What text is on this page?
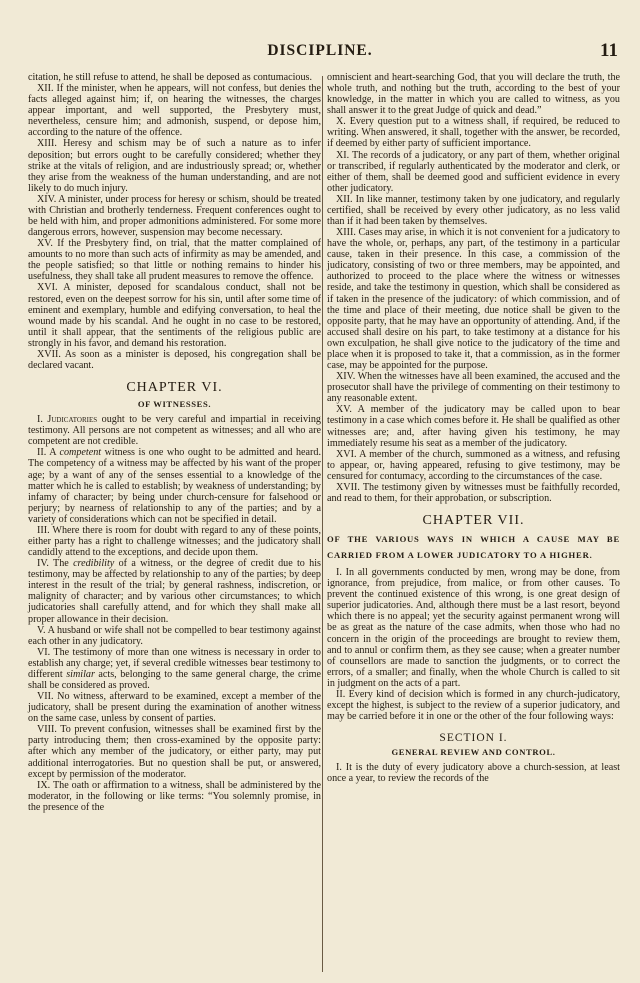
DISCIPLINE.	11

citation, he still refuse to attend, he shall be deposed as contumacious.

XII. If the minister, when he appears, will not confess, but denies the facts alleged against him; if, on hearing the witnesses, the charges appear important, and well supported, the Presbytery must, nevertheless, censure him; and admonish, suspend, or depose him, according to the nature of the offence.

XIII. Heresy and schism may be of such a nature as to infer deposition; but errors ought to be carefully considered; whether they strike at the vitals of religion, and are industriously spread; or, whether they arise from the weakness of the human understanding, and are not likely to do much injury.

XIV. A minister, under process for heresy or schism, should be treated with Christian and brotherly tenderness. Frequent conferences ought to be held with him, and proper admonitions administered. For some more dangerous errors, however, suspension may become necessary.

XV. If the Presbytery find, on trial, that the matter complained of amounts to no more than such acts of infirmity as may be amended, and the people satisfied; so that little or nothing remains to hinder his usefulness, they shall take all prudent measures to remove the offence.

XVI. A minister, deposed for scandalous conduct, shall not be restored, even on the deepest sorrow for his sin, until after some time of eminent and exemplary, humble and edifying conversation, to heal the wound made by his scandal. And he ought in no case to be restored, until it shall appear, that the sentiments of the religious public are strongly in his favor, and demand his restoration.

XVII. As soon as a minister is deposed, his congregation shall be declared vacant.

CHAPTER VI.
OF WITNESSES.

I. Judicatories ought to be very careful and impartial in receiving testimony. All persons are not competent as witnesses; and all who are competent are not credible.

II. A competent witness is one who ought to be admitted and heard. The competency of a witness may be affected by his want of the proper age; by a want of any of the senses essential to a knowledge of the matter which he is called to establish; by weakness of understanding; by infamy of character; by being under church-censure for falsehood or perjury; by nearness of relationship to any of the parties; and by a variety of considerations which can not be specified in detail.

III. Where there is room for doubt with regard to any of these points, either party has a right to challenge witnesses; and the judicatory shall candidly attend to the exceptions, and decide upon them.

IV. The credibility of a witness, or the degree of credit due to his testimony, may be affected by relationship to any of the parties; by deep interest in the result of the trial; by general rashness, indiscretion, or malignity of character; and by various other circumstances; to which judicatories shall carefully attend, and for which they shall make all proper allowance in their decision.

V. A husband or wife shall not be compelled to bear testimony against each other in any judicatory.

VI. The testimony of more than one witness is necessary in order to establish any charge; yet, if several credible witnesses bear testimony to different similar acts, belonging to the same general charge, the crime shall be considered as proved.

VII. No witness, afterward to be examined, except a member of the judicatory, shall be present during the examination of another witness on the same case, unless by consent of parties.

VIII. To prevent confusion, witnesses shall be examined first by the party introducing them; then cross-examined by the opposite party: after which any member of the judicatory, or either party, may put additional interrogatories. But no question shall be put, or answered, except by permission of the moderator.

IX. The oath or affirmation to a witness, shall be administered by the moderator, in the following or like terms: “You solemnly promise, in the presence of the

omniscient and heart-searching God, that you will declare the truth, the whole truth, and nothing but the truth, according to the best of your knowledge, in the matter in which you are called to witness, as you shall answer it to the great Judge of quick and dead.”

X. Every question put to a witness shall, if required, be reduced to writing. When answered, it shall, together with the answer, be recorded, if deemed by either party of sufficient importance.

XI. The records of a judicatory, or any part of them, whether original or transcribed, if regularly authenticated by the moderator and clerk, or either of them, shall be deemed good and sufficient evidence in every other judicatory.

XII. In like manner, testimony taken by one judicatory, and regularly certified, shall be received by every other judicatory, as no less valid than if it had been taken by themselves.

XIII. Cases may arise, in which it is not convenient for a judicatory to have the whole, or, perhaps, any part, of the testimony in a particular cause, taken in their presence. In this case, a commission of the judicatory, consisting of two or three members, may be appointed, and authorized to proceed to the place where the witness or witnesses reside, and take the testimony in question, which shall be considered as if taken in the presence of the judicatory: of which commission, and of the time and place of their meeting, due notice shall be given to the opposite party, that he may have an opportunity of attending. And, if the accused shall desire on his part, to take testimony at a distance for his own exculpation, he shall give notice to the judicatory of the time and place when it is proposed to take it, that a commission, as in the former case, may be appointed for the purpose.

XIV. When the witnesses have all been examined, the accused and the prosecutor shall have the privilege of commenting on their testimony to any reasonable extent.

XV. A member of the judicatory may be called upon to bear testimony in a case which comes before it. He shall be qualified as other witnesses are; and, after having given his testimony, he may immediately resume his seat as a member of the judicatory.

XVI. A member of the church, summoned as a witness, and refusing to appear, or, having appeared, refusing to give testimony, may be censured for contumacy, according to the circumstances of the case.

XVII. The testimony given by witnesses must be faithfully recorded, and read to them, for their approbation, or subscription.

CHAPTER VII.
OF THE VARIOUS WAYS IN WHICH A CAUSE MAY BE CARRIED FROM A LOWER JUDICATORY TO A HIGHER.

I. In all governments conducted by men, wrong may be done, from ignorance, from prejudice, from malice, or from other causes. To prevent the continued existence of this wrong, is one great design of superior judicatories. And, although there must be a last resort, beyond which there is no appeal; yet the security against permanent wrong will be as great as the nature of the case admits, when those who had no concern in the origin of the proceedings are brought to review them, and to annul or confirm them, as they see cause; when a greater number of counsellors are made to sanction the judgments, or to correct the errors, of a smaller; and finally, when the whole Church is called to sit in judgment on the acts of a part.

II. Every kind of decision which is formed in any church-judicatory, except the highest, is subject to the review of a superior judicatory, and may be carried before it in one or the other of the four following ways:

SECTION I.
GENERAL REVIEW AND CONTROL.

I. It is the duty of every judicatory above a church-session, at least once a year, to review the records of the
